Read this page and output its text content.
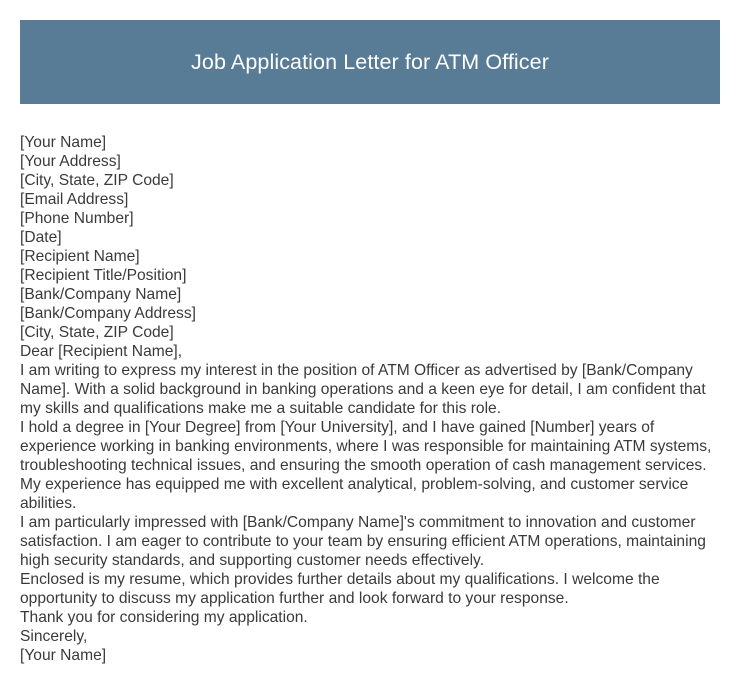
Job Application Letter for ATM Officer

[Your Name]

[Your Address]

[City, State, ZIP Code]

[Email Address]

[Phone Number]

[Date]

[Recipient Name]

[Recipient Title/Position]

[Bank/Company Name]

[Bank/Company Address]

[City, State, ZIP Code]

Dear [Recipient Name],

I am writing to express my interest in the position of ATM Officer as advertised by [Bank/Company Name]. With a solid background in banking operations and a keen eye for detail, I am confident that my skills and qualifications make me a suitable candidate for this role.

I hold a degree in [Your Degree] from [Your University], and I have gained [Number] years of experience working in banking environments, where I was responsible for maintaining ATM systems, troubleshooting technical issues, and ensuring the smooth operation of cash management services. My experience has equipped me with excellent analytical, problem-solving, and customer service abilities.

I am particularly impressed with [Bank/Company Name]'s commitment to innovation and customer satisfaction. I am eager to contribute to your team by ensuring efficient ATM operations, maintaining high security standards, and supporting customer needs effectively.

Enclosed is my resume, which provides further details about my qualifications. I welcome the opportunity to discuss my application further and look forward to your response.

Thank you for considering my application.

Sincerely,

[Your Name]
